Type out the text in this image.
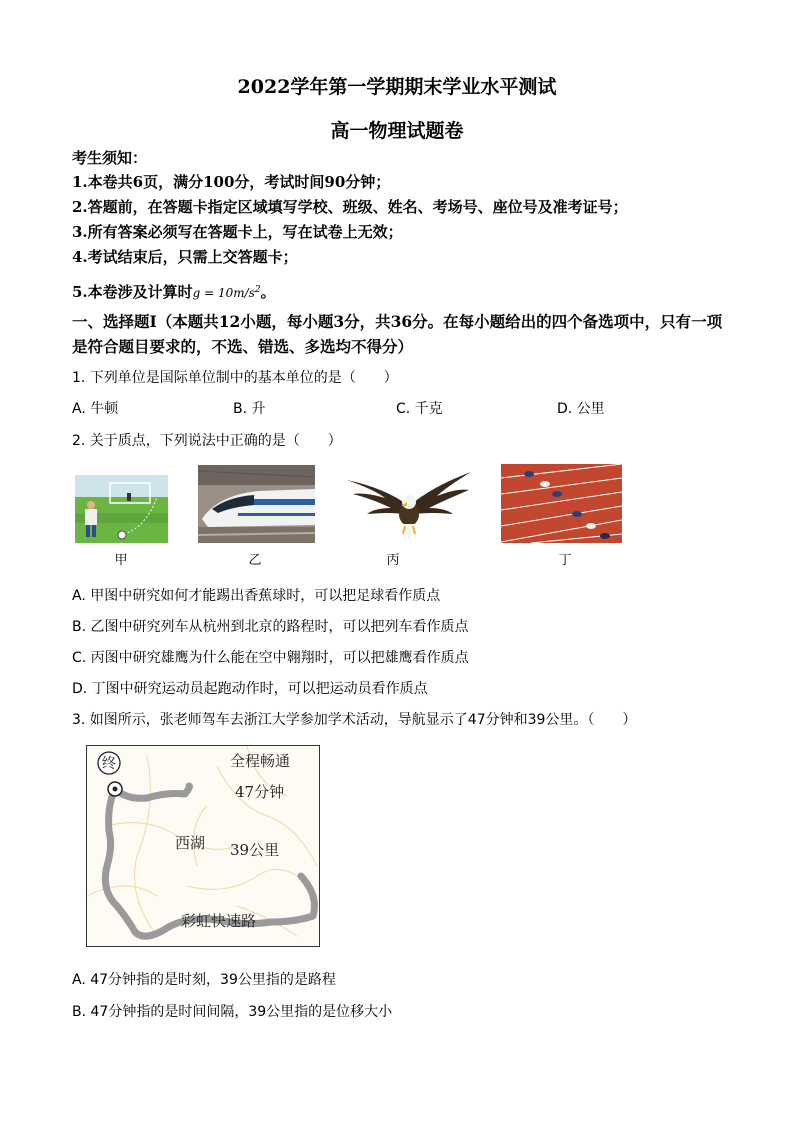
2022学年第一学期期末学业水平测试
高一物理试题卷
考生须知：
1.本卷共6页，满分100分，考试时间90分钟；
2.答题前，在答题卡指定区域填写学校、班级、姓名、考场号、座位号及准考证号；
3.所有答案必须写在答题卡上，写在试卷上无效；
4.考试结束后，只需上交答题卡；
5.本卷涉及计算时$g = 10m/s^2$。
一、选择题Ⅰ（本题共12小题，每小题3分，共36分。在每小题给出的四个备选项中，只有一项是符合题目要求的，不选、错选、多选均不得分）
1. 下列单位是国际单位制中的基本单位的是（　　）
A. 牛顿	B. 升	C. 千克	D. 公里
2. 关于质点，下列说法中正确的是（　　）
甲	乙	丙	丁
A. 甲图中研究如何才能踢出香蕉球时，可以把足球看作质点
B. 乙图中研究列车从杭州到北京的路程时，可以把列车看作质点
C. 丙图中研究雄鹰为什么能在空中翱翔时，可以把雄鹰看作质点
D. 丁图中研究运动员起跑动作时，可以把运动员看作质点
3. 如图所示，张老师驾车去浙江大学参加学术活动，导航显示了47分钟和39公里。（　　）
终	全程畅通
47分钟
西湖 39公里
彩虹快速路
A. 47分钟指的是时刻，39公里指的是路程
B. 47分钟指的是时间间隔，39公里指的是位移大小
